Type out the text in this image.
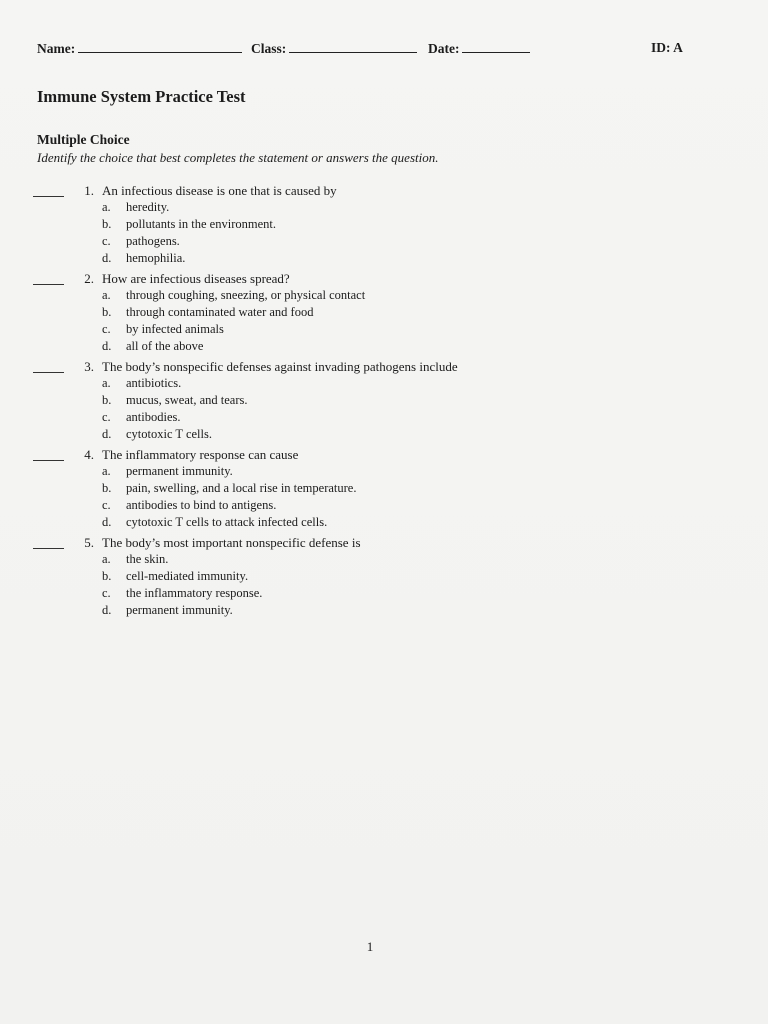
Name:	Class:	Date:	ID: A
Immune System Practice Test
Multiple Choice
Identify the choice that best completes the statement or answers the question.
1. An infectious disease is one that is caused by
a. heredity.
b. pollutants in the environment.
c. pathogens.
d. hemophilia.
2. How are infectious diseases spread?
a. through coughing, sneezing, or physical contact
b. through contaminated water and food
c. by infected animals
d. all of the above
3. The body’s nonspecific defenses against invading pathogens include
a. antibiotics.
b. mucus, sweat, and tears.
c. antibodies.
d. cytotoxic T cells.
4. The inflammatory response can cause
a. permanent immunity.
b. pain, swelling, and a local rise in temperature.
c. antibodies to bind to antigens.
d. cytotoxic T cells to attack infected cells.
5. The body’s most important nonspecific defense is
a. the skin.
b. cell-mediated immunity.
c. the inflammatory response.
d. permanent immunity.
1
